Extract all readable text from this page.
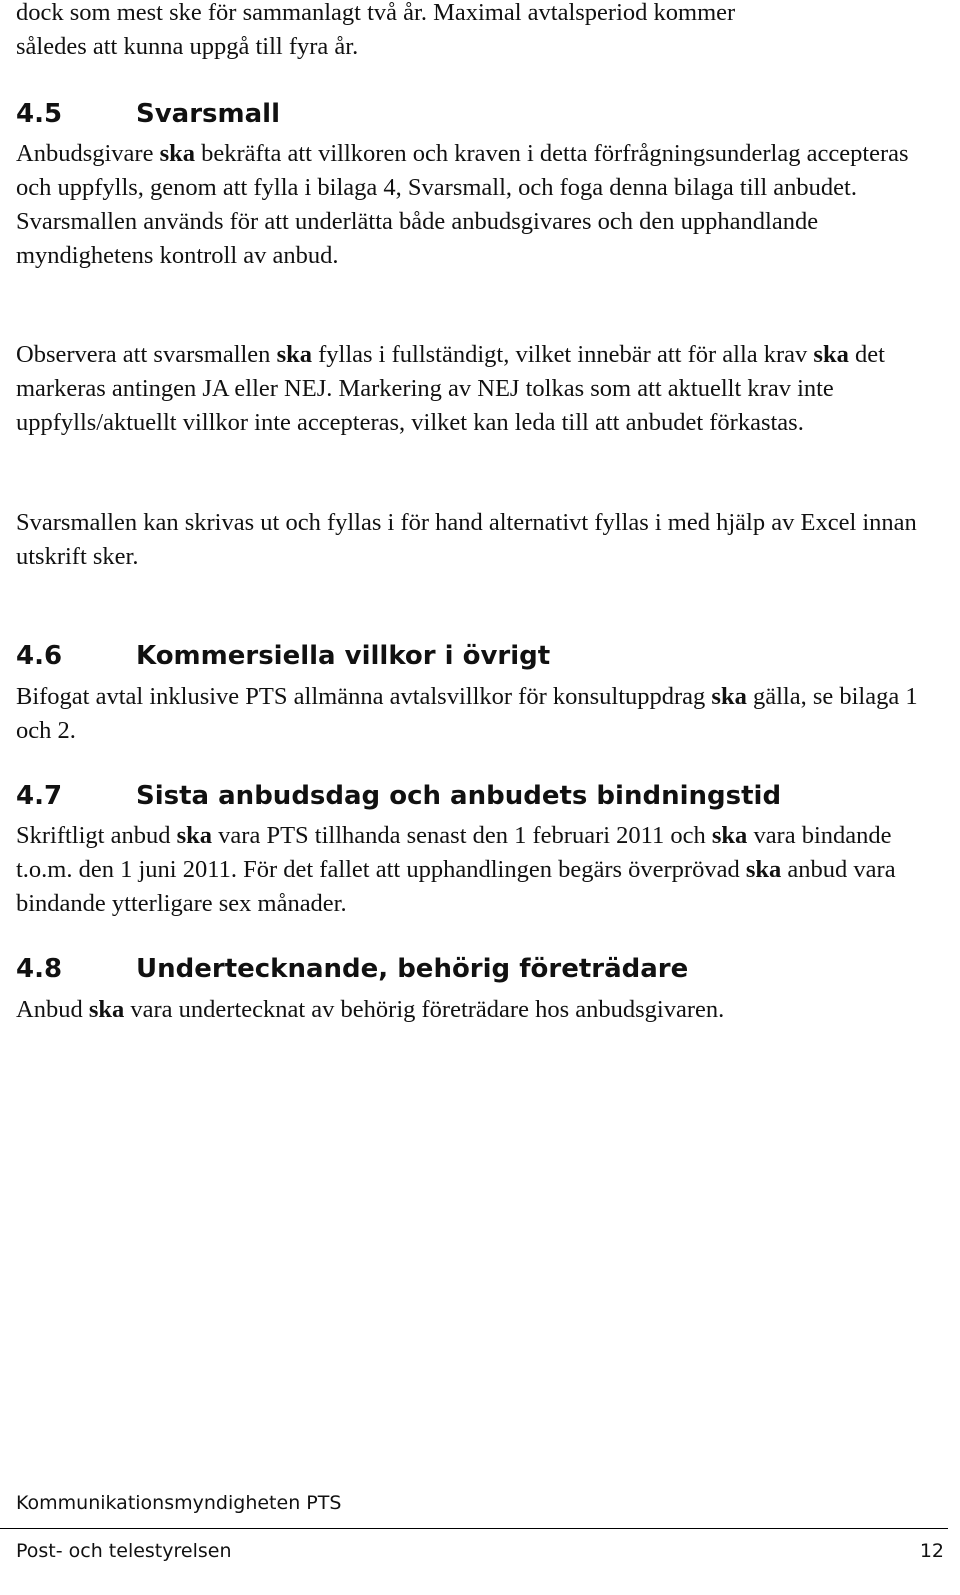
dock som mest ske för sammanlagt två år. Maximal avtalsperiod kommer

således att kunna uppgå till fyra år.

4.5	Svarsmall

Anbudsgivare ska bekräfta att villkoren och kraven i detta förfrågningsunderlag accepteras och uppfylls, genom att fylla i bilaga 4, Svarsmall, och foga denna bilaga till anbudet. Svarsmallen används för att underlätta både anbudsgivares och den upphandlande myndighetens kontroll av anbud.

Observera att svarsmallen ska fyllas i fullständigt, vilket innebär att för alla krav ska det markeras antingen JA eller NEJ. Markering av NEJ tolkas som att aktuellt krav inte uppfylls/aktuellt villkor inte accepteras, vilket kan leda till att anbudet förkastas.

Svarsmallen kan skrivas ut och fyllas i för hand alternativt fyllas i med hjälp av Excel innan utskrift sker.

4.6	Kommersiella villkor i övrigt

Bifogat avtal inklusive PTS allmänna avtalsvillkor för konsultuppdrag ska gälla, se bilaga 1 och 2.

4.7	Sista anbudsdag och anbudets bindningstid

Skriftligt anbud ska vara PTS tillhanda senast den 1 februari 2011 och ska vara bindande t.o.m. den 1 juni 2011. För det fallet att upphandlingen begärs överprövad ska anbud vara bindande ytterligare sex månader.

4.8	Undertecknande, behörig företrädare

Anbud ska vara undertecknat av behörig företrädare hos anbudsgivaren.

Kommunikationsmyndigheten PTS
Post- och telestyrelsen	12
